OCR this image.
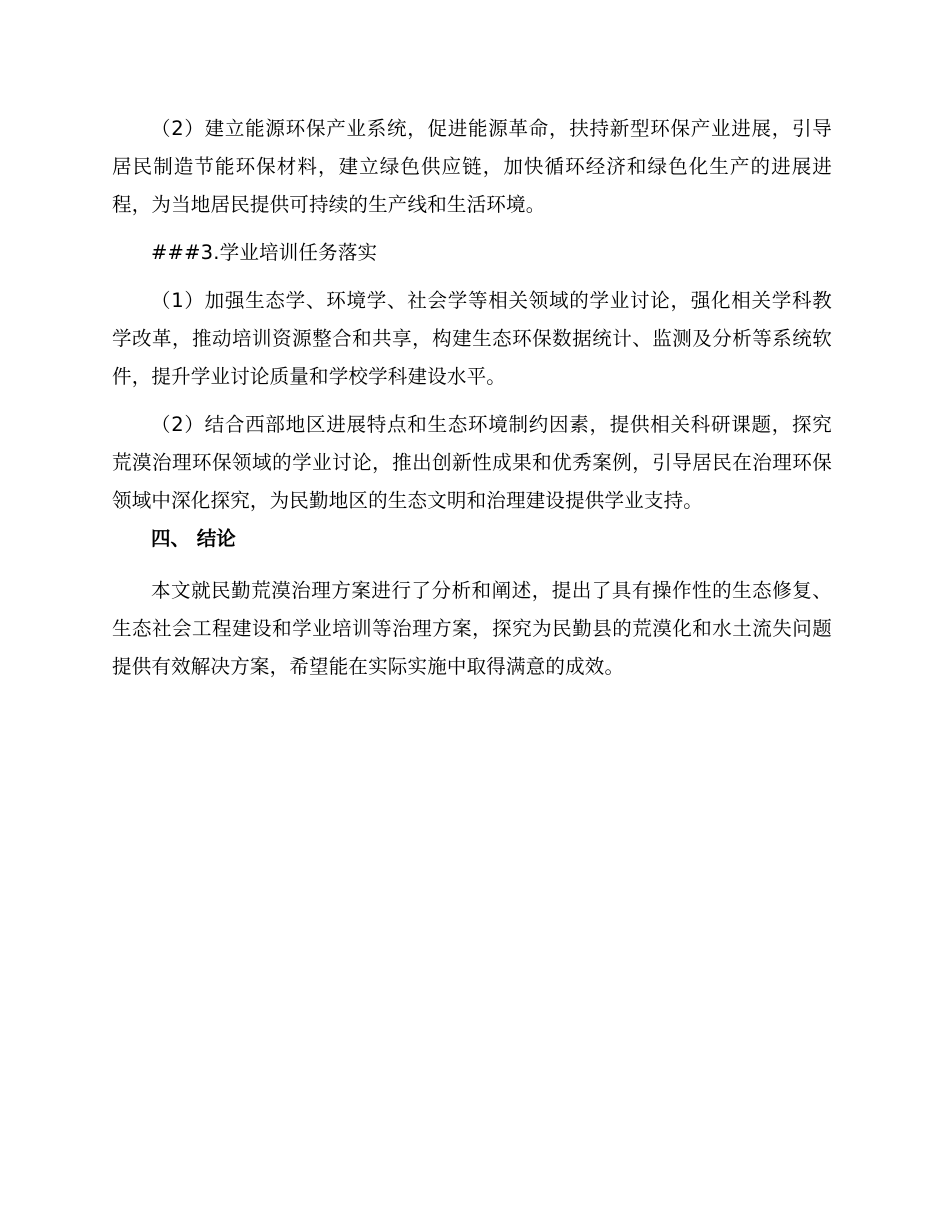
（2）建立能源环保产业系统，促进能源革命，扶持新型环保产业进展，引导居民制造节能环保材料，建立绿色供应链，加快循环经济和绿色化生产的进展进程，为当地居民提供可持续的生产线和生活环境。

###3.学业培训任务落实

（1）加强生态学、环境学、社会学等相关领域的学业讨论，强化相关学科教学改革，推动培训资源整合和共享，构建生态环保数据统计、监测及分析等系统软件，提升学业讨论质量和学校学科建设水平。

（2）结合西部地区进展特点和生态环境制约因素，提供相关科研课题，探究荒漠治理环保领域的学业讨论，推出创新性成果和优秀案例，引导居民在治理环保领域中深化探究，为民勤地区的生态文明和治理建设提供学业支持。

四、 结论

本文就民勤荒漠治理方案进行了分析和阐述，提出了具有操作性的生态修复、生态社会工程建设和学业培训等治理方案，探究为民勤县的荒漠化和水土流失问题提供有效解决方案，希望能在实际实施中取得满意的成效。
